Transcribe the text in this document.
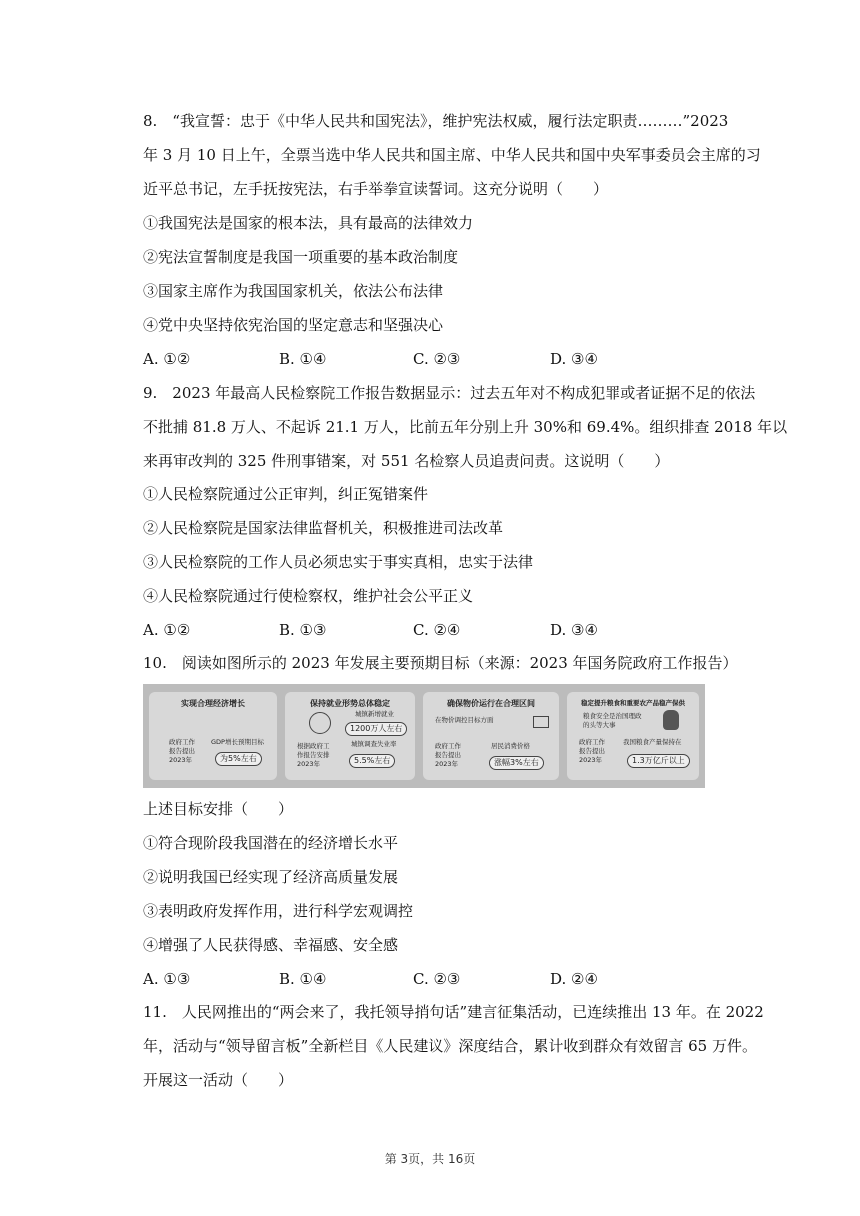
8.　“我宣誓：忠于《中华人民共和国宪法》，维护宪法权威，履行法定职责………”2023
年 3 月 10 日上午，全票当选中华人民共和国主席、中华人民共和国中央军事委员会主席的习
近平总书记，左手抚按宪法，右手举拳宣读誓词。这充分说明（　　）
①我国宪法是国家的根本法，具有最高的法律效力
②宪法宣誓制度是我国一项重要的基本政治制度
③国家主席作为我国国家机关，依法公布法律
④党中央坚持依宪治国的坚定意志和坚强决心
A. ①②	B. ①④	C. ②③	D. ③④
9.　2023 年最高人民检察院工作报告数据显示：过去五年对不构成犯罪或者证据不足的依法
不批捕 81.8 万人、不起诉 21.1 万人，比前五年分别上升 30%和 69.4%。组织排查 2018 年以
来再审改判的 325 件刑事错案，对 551 名检察人员追责问责。这说明（　　）
①人民检察院通过公正审判，纠正冤错案件
②人民检察院是国家法律监督机关，积极推进司法改革
③人民检察院的工作人员必须忠实于事实真相，忠实于法律
④人民检察院通过行使检察权，维护社会公平正义
A. ①②	B. ①③	C. ②④	D. ③④
10.　阅读如图所示的 2023 年发展主要预期目标（来源：2023 年国务院政府工作报告）
实现合理经济增长
政府工作
报告提出
2023年
GDP增长预期目标
为5%左右
保持就业形势总体稳定
根据政府工
作报告安排
2023年
城镇新增就业
1200万人左右
城镇调查失业率
5.5%左右
确保物价运行在合理区间
在物价调控目标方面
政府工作
报告提出
2023年
居民消费价格
涨幅3%左右
稳定提升粮食和重要农产品稳产保供
粮食安全是治国理政
的头等大事
政府工作
报告提出
2023年
我国粮食产量保持在
1.3万亿斤以上
上述目标安排（　　）
①符合现阶段我国潜在的经济增长水平
②说明我国已经实现了经济高质量发展
③表明政府发挥作用，进行科学宏观调控
④增强了人民获得感、幸福感、安全感
A. ①③	B. ①④	C. ②③	D. ②④
11.　人民网推出的“两会来了，我托领导捎句话”建言征集活动，已连续推出 13 年。在 2022
年，活动与“领导留言板”全新栏目《人民建议》深度结合，累计收到群众有效留言 65 万件。
开展这一活动（　　）
第 3页，共 16页
